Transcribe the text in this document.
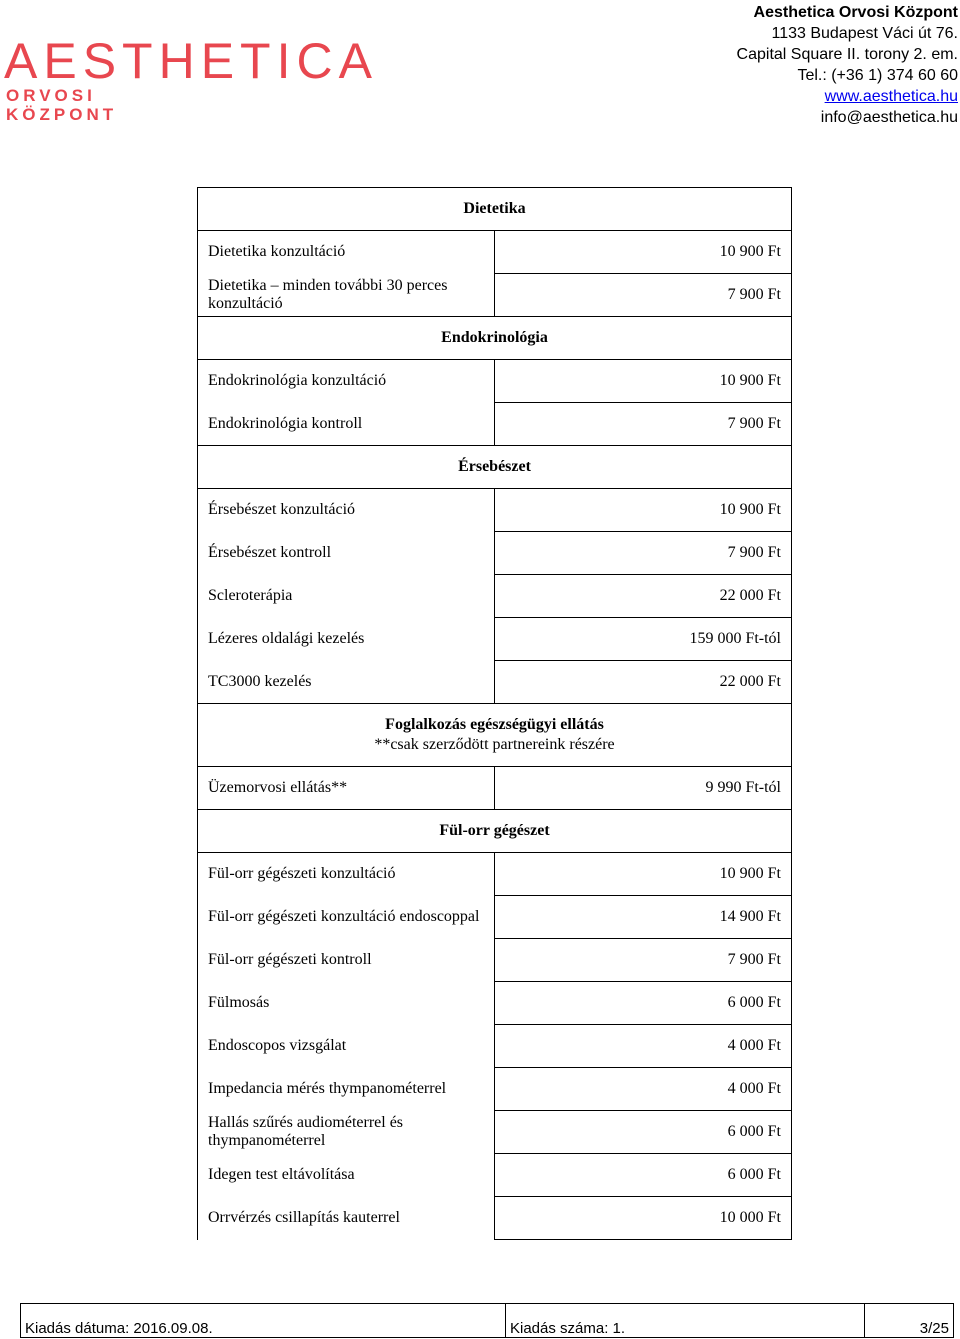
AESTHETICA
ORVOSI
KÖZPONT
Aesthetica Orvosi Központ
1133 Budapest Váci út 76.
Capital Square II. torony 2. em.
Tel.: (+36 1) 374 60 60
www.aesthetica.hu
info@aesthetica.hu
Dietetika	

Dietetika konzultáció	10 900 Ft
Dietetika – minden további 30 perces konzultáció	7 900 Ft

Endokrinológia	

Endokrinológia konzultáció	10 900 Ft
Endokrinológia kontroll	7 900 Ft

Érsebészet	

Érsebészet konzultáció	10 900 Ft
Érsebészet kontroll	7 900 Ft
Scleroterápia	22 000 Ft
Lézeres oldalági kezelés	159 000 Ft-tól
TC3000 kezelés	22 000 Ft

Foglalkozás egészségügyi ellátás
**csak szerződött partnereink részére	

Üzemorvosi ellátás**	9 990 Ft-tól

Fül-orr gégészet	

Fül-orr gégészeti konzultáció	10 900 Ft
Fül-orr gégészeti konzultáció endoscoppal	14 900 Ft
Fül-orr gégészeti kontroll	7 900 Ft
Fülmosás	6 000 Ft
Endoscopos vizsgálat	4 000 Ft
Impedancia mérés thympanométerrel	4 000 Ft
Hallás szűrés audiométerrel és thympanométerrel	6 000 Ft
Idegen test eltávolítása	6 000 Ft
Orrvérzés csillapítás kauterrel	10 000 Ft
Kiadás dátuma: 2016.09.08.	Kiadás száma: 1.	3/25
